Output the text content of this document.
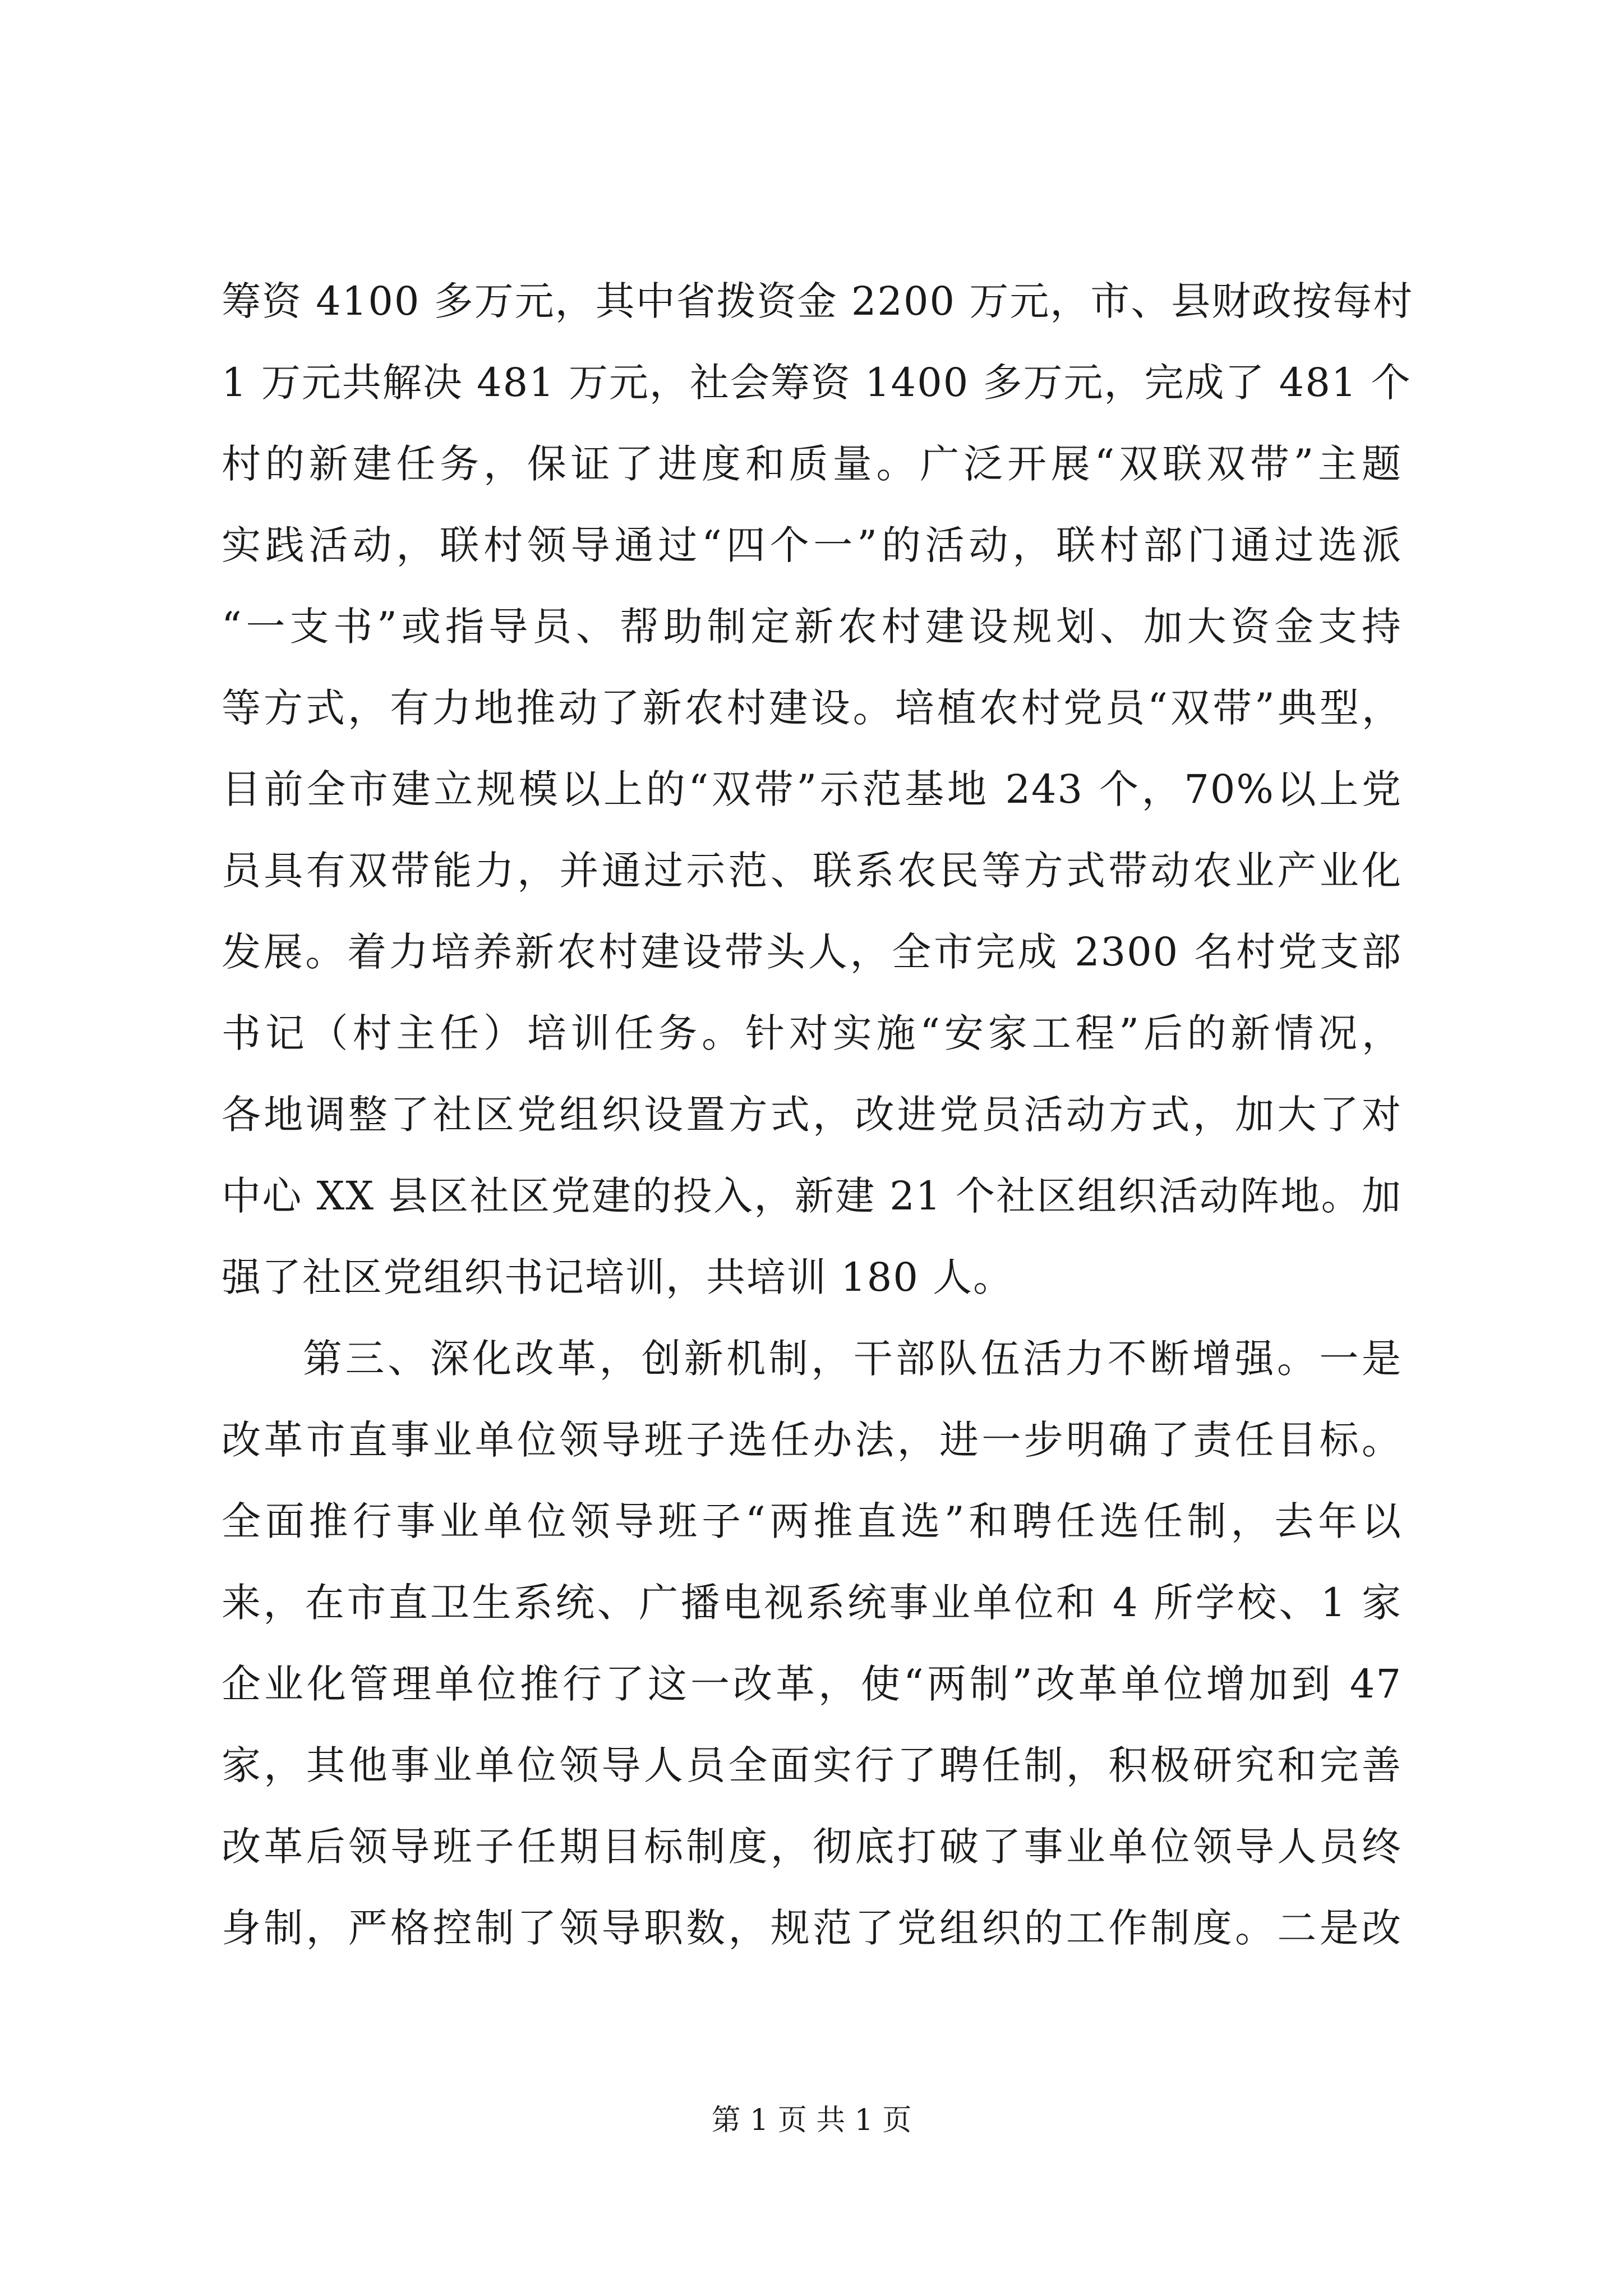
筹资 4100 多万元，其中省拨资金 2200 万元，市、县财政按每村
1 万元共解决 481 万元，社会筹资 1400 多万元，完成了 481 个
村的新建任务，保证了进度和质量。广泛开展“双联双带”主题
实践活动，联村领导通过“四个一”的活动，联村部门通过选派
“一支书”或指导员、帮助制定新农村建设规划、加大资金支持
等方式，有力地推动了新农村建设。培植农村党员“双带”典型，
目前全市建立规模以上的“双带”示范基地 243 个，70%以上党
员具有双带能力，并通过示范、联系农民等方式带动农业产业化
发展。着力培养新农村建设带头人，全市完成 2300 名村党支部
书记（村主任）培训任务。针对实施“安家工程”后的新情况，
各地调整了社区党组织设置方式，改进党员活动方式，加大了对
中心 XX 县区社区党建的投入，新建 21 个社区组织活动阵地。加
强了社区党组织书记培训，共培训 180 人。
第三、深化改革，创新机制，干部队伍活力不断增强。一是
改革市直事业单位领导班子选任办法，进一步明确了责任目标。
全面推行事业单位领导班子“两推直选”和聘任选任制，去年以
来，在市直卫生系统、广播电视系统事业单位和 4 所学校、1 家
企业化管理单位推行了这一改革，使“两制”改革单位增加到 47
家，其他事业单位领导人员全面实行了聘任制，积极研究和完善
改革后领导班子任期目标制度，彻底打破了事业单位领导人员终
身制，严格控制了领导职数，规范了党组织的工作制度。二是改
第 1 页 共 1 页
